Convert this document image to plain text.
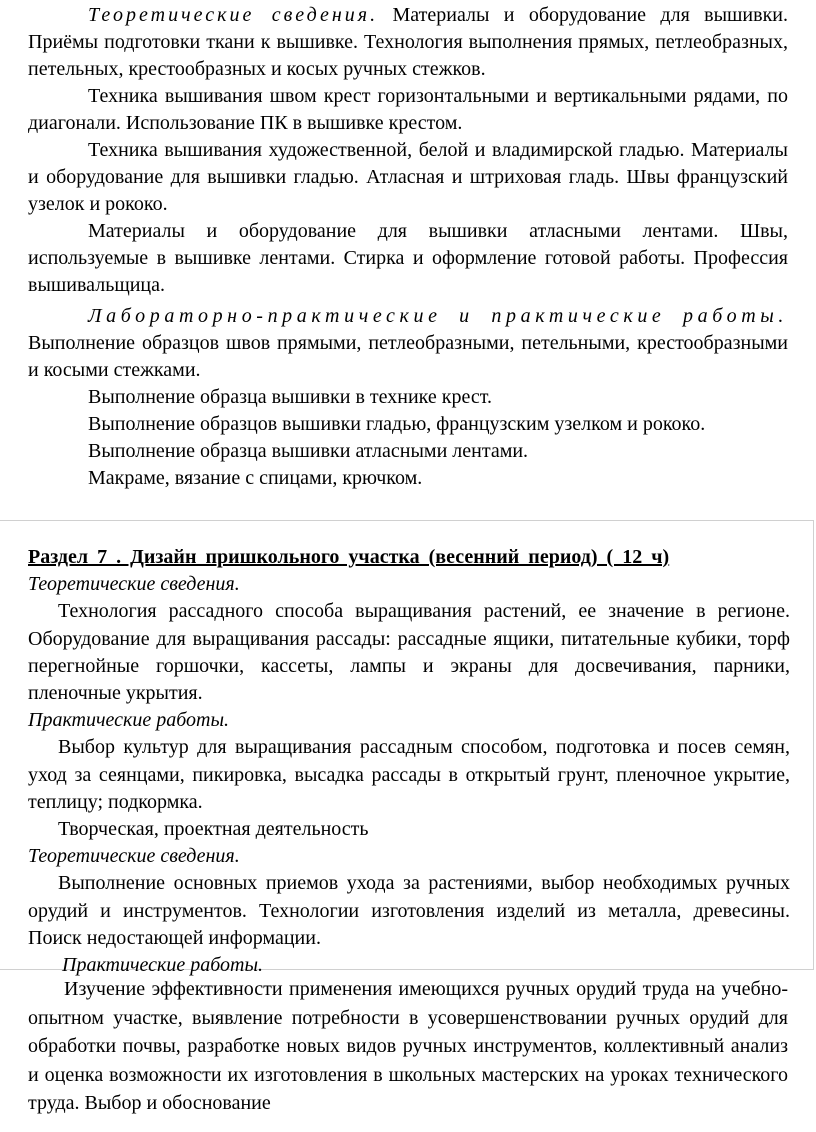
Теоретические сведения. Материалы и оборудование для вышивки. Приёмы подготовки ткани к вышивке. Технология выполнения прямых, петлеобразных, петельных, крестообразных и косых ручных стежков.

Техника вышивания швом крест горизонтальными и вертикальными рядами, по диагонали. Использование ПК в вышивке крестом.

Техника вышивания художественной, белой и владимирской гладью. Материалы и оборудование для вышивки гладью. Атласная и штриховая гладь. Швы французский узелок и рококо.

Материалы и оборудование для вышивки атласными лентами. Швы, используемые в вышивке лентами. Стирка и оформление готовой работы. Профессия вышивальщица.

Лабораторно-практические и практические работы. Выполнение образцов швов прямыми, петлеобразными, петельными, крестообразными и косыми стежками.

Выполнение образца вышивки в технике крест.

Выполнение образцов вышивки гладью, французским узелком и рококо.

Выполнение образца вышивки атласными лентами.

Макраме, вязание с спицами, крючком.

Раздел 7 . Дизайн пришкольного участка (весенний период) ( 12 ч)

Теоретические сведения.

Технология рассадного способа выращивания растений, ее значение в регионе. Оборудование для выращивания рассады: рассадные ящики, питательные кубики, торф перегнойные горшочки, кассеты, лампы и экраны для досвечивания, парники, пленочные укрытия.

Практические работы.

Выбор культур для выращивания рассадным способом, подготовка и посев семян, уход за сеянцами, пикировка, высадка рассады в открытый грунт, пленочное укрытие, теплицу; подкормка.

Творческая, проектная деятельность

Теоретические сведения.

Выполнение основных приемов ухода за растениями, выбор необходимых ручных орудий и инструментов. Технологии изготовления изделий из металла, древесины. Поиск недостающей информации.

Практические работы.

Изучение эффективности применения имеющихся ручных орудий труда на учебно-опытном участке, выявление потребности в усовершенствовании ручных орудий для обработки почвы, разработке новых видов ручных инструментов, коллективный анализ и оценка возможности их изготовления в школьных мастерских на уроках технического труда. Выбор и обоснование
